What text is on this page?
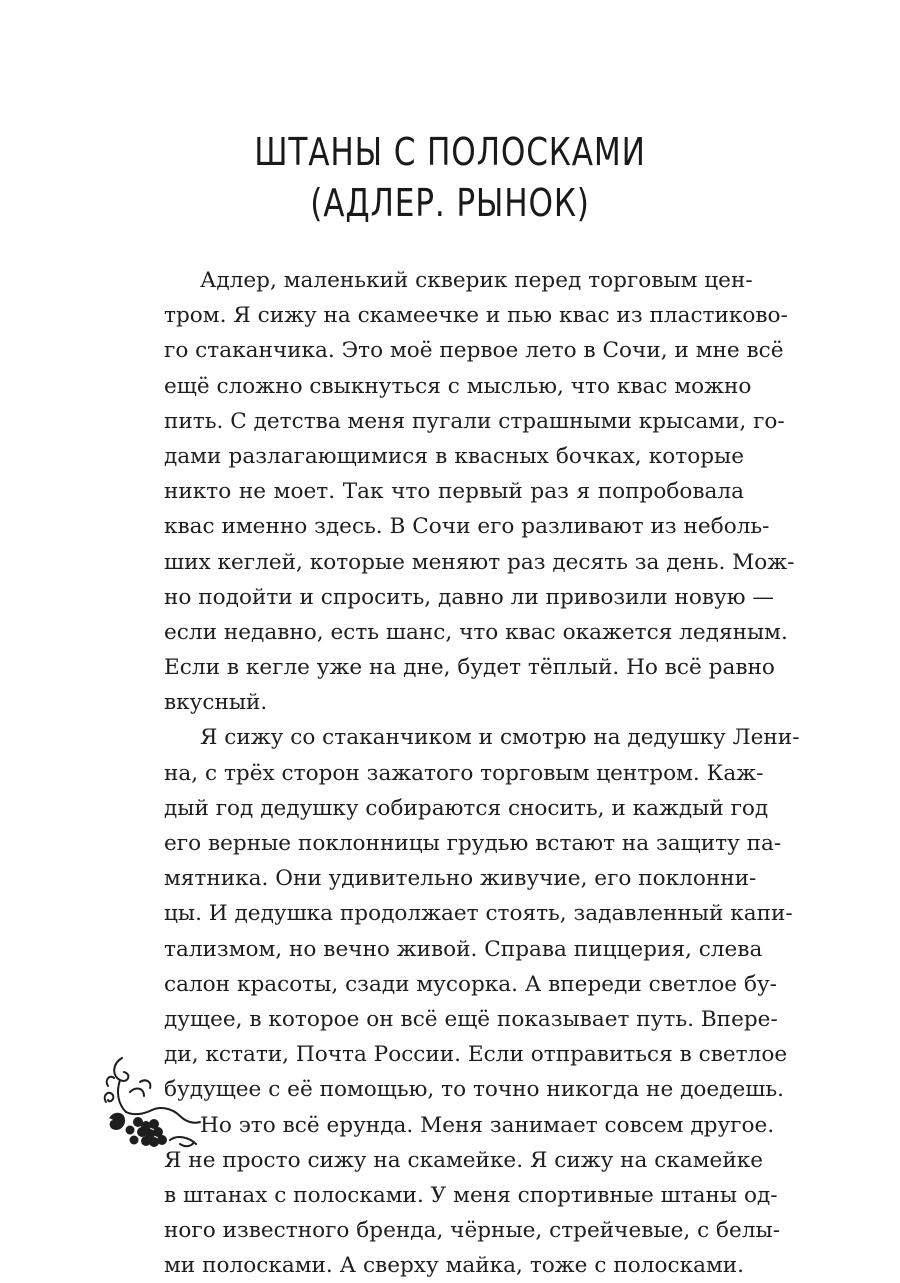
ШТАНЫ С ПОЛОСКАМИ
(АДЛЕР. РЫНОК)
Адлер, маленький скверик перед торговым цен-
тром. Я сижу на скамеечке и пью квас из пластиково-
го стаканчика. Это моё первое лето в Сочи, и мне всё
ещё сложно свыкнуться с мыслью, что квас можно
пить. С детства меня пугали страшными крысами, го-
дами разлагающимися в квасных бочках, которые
никто не моет. Так что первый раз я попробовала
квас именно здесь. В Сочи его разливают из неболь-
ших кеглей, которые меняют раз десять за день. Мож-
но подойти и спросить, давно ли привозили новую —
если недавно, есть шанс, что квас окажется ледяным.
Если в кегле уже на дне, будет тёплый. Но всё равно
вкусный.
Я сижу со стаканчиком и смотрю на дедушку Лени-
на, с трёх сторон зажатого торговым центром. Каж-
дый год дедушку собираются сносить, и каждый год
его верные поклонницы грудью встают на защиту па-
мятника. Они удивительно живучие, его поклонни-
цы. И дедушка продолжает стоять, задавленный капи-
тализмом, но вечно живой. Справа пиццерия, слева
салон красоты, сзади мусорка. А впереди светлое бу-
дущее, в которое он всё ещё показывает путь. Впере-
ди, кстати, Почта России. Если отправиться в светлое
будущее с её помощью, то точно никогда не доедешь.
Но это всё ерунда. Меня занимает совсем другое.
Я не просто сижу на скамейке. Я сижу на скамейке
в штанах с полосками. У меня спортивные штаны од-
ного известного бренда, чёрные, стрейчевые, с белы-
ми полосками. А сверху майка, тоже с полосками.
